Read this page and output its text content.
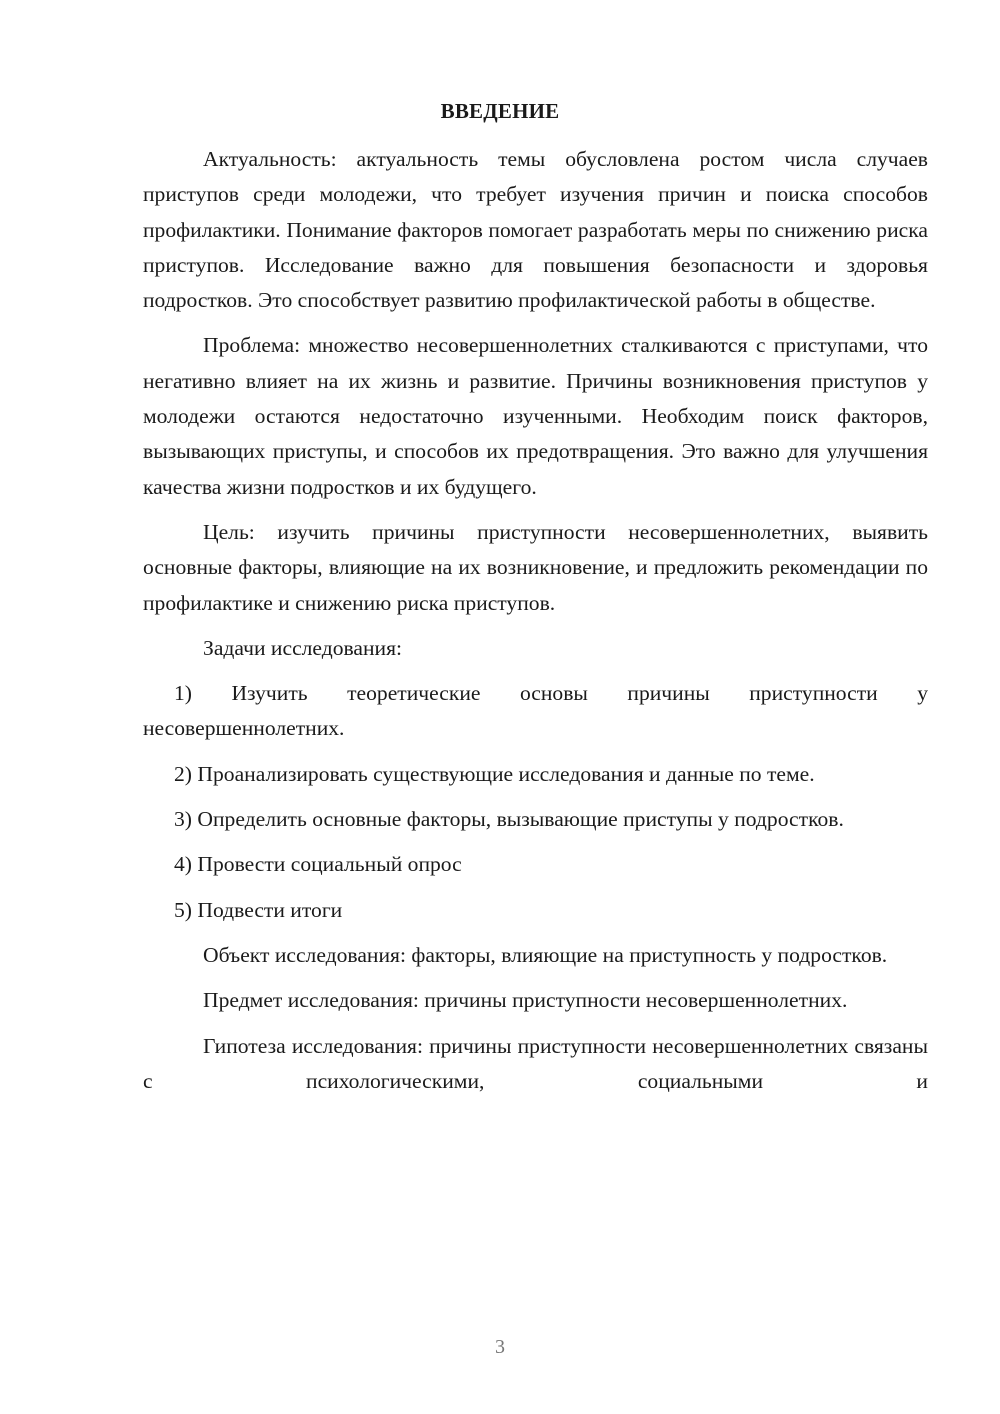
ВВЕДЕНИЕ

Актуальность: актуальность темы обусловлена ростом числа случаев приступов среди молодежи, что требует изучения причин и поиска способов профилактики. Понимание факторов помогает разработать меры по снижению риска приступов. Исследование важно для повышения безопасности и здоровья подростков. Это способствует развитию профилактической работы в обществе.

Проблема: множество несовершеннолетних сталкиваются с приступами, что негативно влияет на их жизнь и развитие. Причины возникновения приступов у молодежи остаются недостаточно изученными. Необходим поиск факторов, вызывающих приступы, и способов их предотвращения. Это важно для улучшения качества жизни подростков и их будущего.

Цель: изучить причины приступности несовершеннолетних, выявить основные факторы, влияющие на их возникновение, и предложить рекомендации по профилактике и снижению риска приступов.

Задачи исследования:

1) Изучить теоретические основы причины приступности у несовершеннолетних.

2) Проанализировать существующие исследования и данные по теме.

3) Определить основные факторы, вызывающие приступы у подростков.

4) Провести социальный опрос

5) Подвести итоги

Объект исследования: факторы, влияющие на приступность у подростков.

Предмет исследования: причины приступности несовершеннолетних.

Гипотеза исследования: причины приступности несовершеннолетних связаны с психологическими, социальными и

3
